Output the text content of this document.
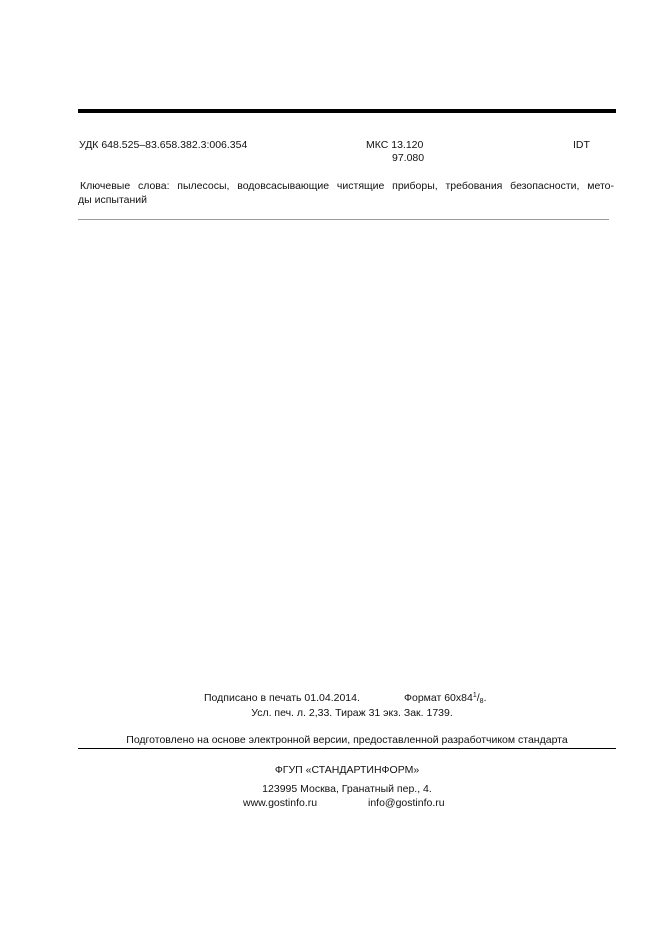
УДК 648.525–83.658.382.3:006.354	МКС 13.120
97.080
IDT
Ключевые слова: пылесосы, водовсасывающие чистящие приборы, требования безопасности, мето-
ды испытаний
Подписано в печать 01.04.2014.	Формат $60x84^1/_8$.
Усл. печ. л. 2,33. Тираж 31 экз. Зак. 1739.
Подготовлено на основе электронной версии, предоставленной разработчиком стандарта
ФГУП «СТАНДАРТИНФОРМ»
123995 Москва, Гранатный пер., 4.
www.gostinfo.ru	info@gostinfo.ru
